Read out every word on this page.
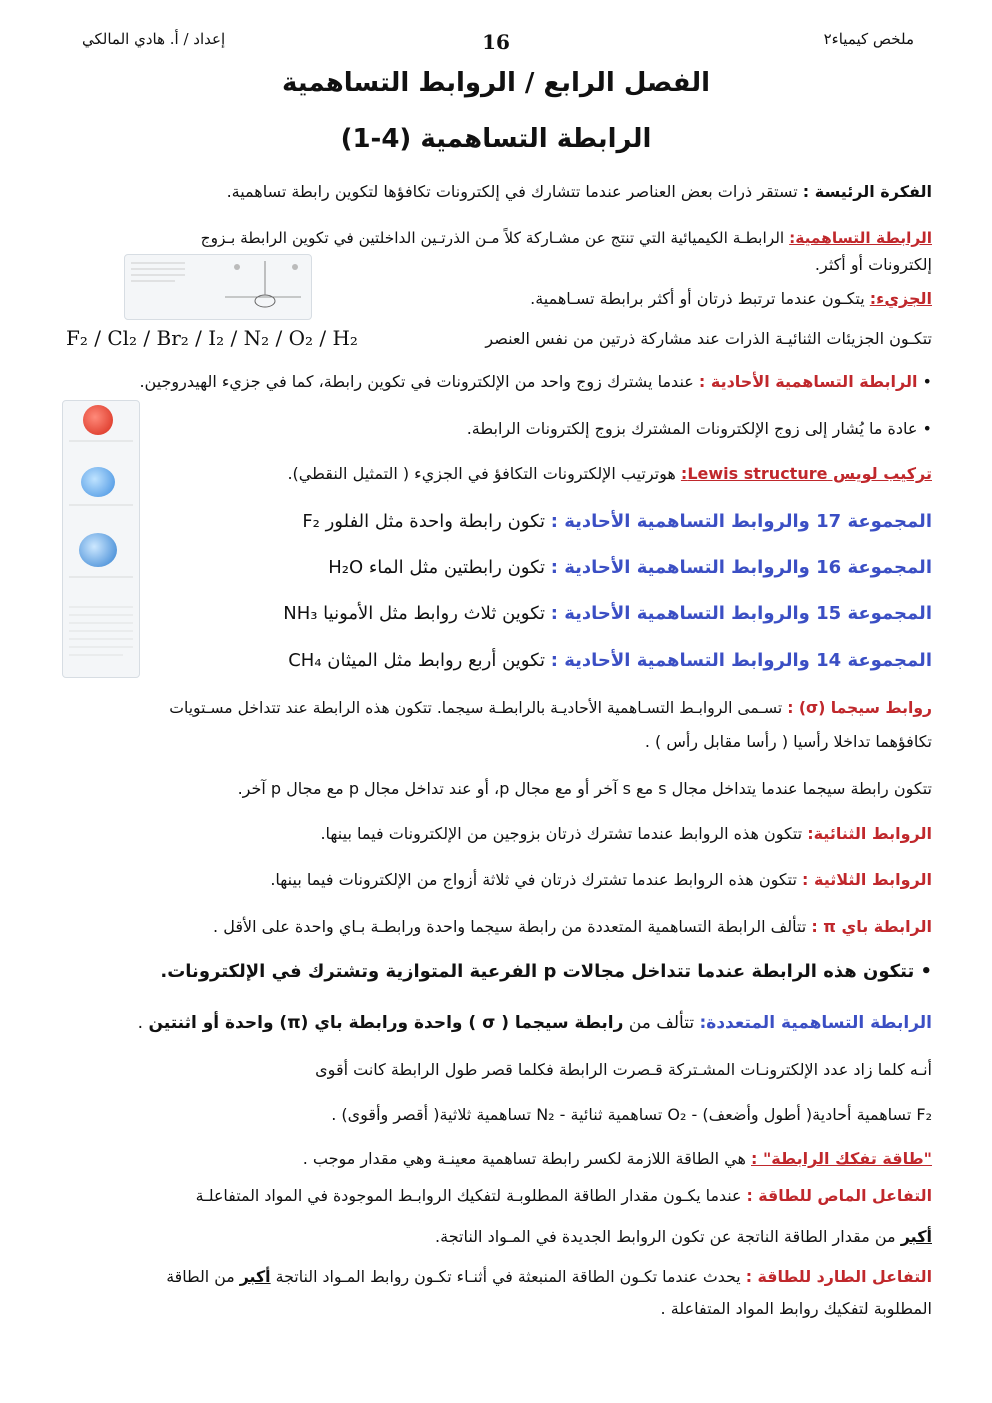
إعداد / أ. هادي المالكي	16	ملخص كيمياء٢
الفصل الرابع / الروابط التساهمية
(1-4) الرابطة التساهمية
الفكرة الرئيسة : تستقر ذرات بعض العناصر عندما تتشارك في إلكترونات تكافؤها لتكوين رابطة تساهمية.
الرابطة التساهمية: الرابطـة الكيميائية التي تنتج عن مشـاركة كلاً مـن الذرتـين الداخلتين في تكوين الرابطة بـزوج
إلكترونات أو أكثر.
الجزيء: يتكـون عندما ترتبط ذرتان أو أكثر برابطة تسـاهمية.
تتكـون الجزيئات الثنائيـة الذرات عند مشاركة ذرتين من نفس العنصر
F₂ / Cl₂ / Br₂ / I₂ / N₂ / O₂ / H₂
• الرابطة التساهمية الأحادية : عندما يشترك زوج واحد من الإلكترونات في تكوين رابطة، كما في جزيء الهيدروجين.
• عادة ما يُشار إلى زوج الإلكترونات المشترك بزوج إلكترونات الرابطة.
تركيب لويس Lewis structure: هوترتيب الإلكترونات التكافؤ في الجزيء ( التمثيل النقطي).
المجموعة 17 والروابط التساهمية الأحادية : تكون رابطة واحدة مثل الفلور F₂
المجموعة 16 والروابط التساهمية الأحادية : تكون رابطتين مثل الماء H₂O
المجموعة 15 والروابط التساهمية الأحادية : تكوين ثلاث روابط مثل الأمونيا NH₃
المجموعة 14 والروابط التساهمية الأحادية : تكوين أربع روابط مثل الميثان CH₄
روابط سيجما (σ) : تسـمى الروابـط التسـاهمية الأحاديـة بالرابطـة سيجما. تتكون هذه الرابطة عند تتداخل مسـتويات
تكافؤهما تداخلا رأسيا ( رأسا مقابل رأس ) .
تتكون رابطة سيجما عندما يتداخل مجال s مع s آخر أو مع مجال p، أو عند تداخل مجال p مع مجال p آخر.
الروابط الثنائية: تتكون هذه الروابط عندما تشترك ذرتان بزوجين من الإلكترونات فيما بينها.
الروابط الثلاثية : تتكون هذه الروابط عندما تشترك ذرتان في ثلاثة أزواج من الإلكترونات فيما بينها.
الرابطة باي π : تتألف الرابطة التساهمية المتعددة من رابطة سيجما واحدة ورابطـة بـاي واحدة على الأقل .
• تتكون هذه الرابطة عندما تتداخل مجالات p الفرعية المتوازية وتشترك في الإلكترونات.
الرابطة التساهمية المتعددة: تتألف من رابطة سيجما ( σ ) واحدة ورابطة باي (π) واحدة أو اثنتين .
أنـه كلما زاد عدد الإلكترونـات المشـتركة قـصرت الرابطة فكلما قصر طول الرابطة كانت أقوى
F₂ تساهمية أحادية( أطول وأضعف) - O₂ تساهمية ثنائية - N₂ تساهمية ثلاثية( أقصر وأقوى) .
"طاقة تفكك الرابطة" : هي الطاقة اللازمة لكسر رابطة تساهمية معينـة وهي مقدار موجب .
التفاعل الماص للطاقة : عندما يكـون مقدار الطاقة المطلوبـة لتفكيك الروابـط الموجودة في المواد المتفاعلـة
أكبر من مقدار الطاقة الناتجة عن تكون الروابط الجديدة في المـواد الناتجة.
التفاعل الطارد للطاقة : يحدث عندما تكـون الطاقة المنبعثة في أثنـاء تكـون روابط المـواد الناتجة أكبر من الطاقة
المطلوبة لتفكيك روابط المواد المتفاعلة .
